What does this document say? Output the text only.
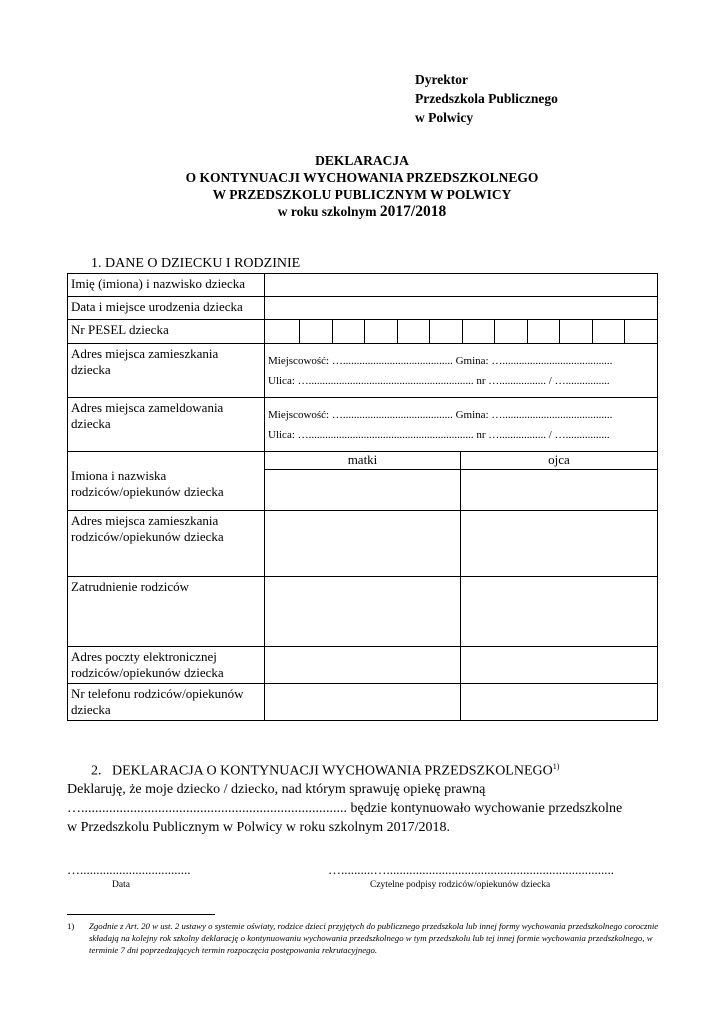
Dyrektor
Przedszkola Publicznego
w Polwicy
DEKLARACJA
O KONTYNUACJI WYCHOWANIA PRZEDSZKOLNEGO
W PRZEDSZKOLU PUBLICZNYM W POLWICY
w roku szkolnym 2017/2018
1. DANE O DZIECKU I RODZINIE
Imię (imiona) i nazwisko dziecka		
Data i miejsce urodzenia dziecka		
Nr PESEL dziecka		

Adres miejsca zamieszkania dziecka	Miejscowość: …........................................ Gmina: …........................................
Ulica: …............................................................ nr …................. / …................	

Adres miejsca zameldowania dziecka	Miejscowość: …........................................ Gmina: …........................................
Ulica: …............................................................ nr …................. / …................	

Imiona i nazwiska rodziców/opiekunów dziecka	matki	ojca

Adres miejsca zamieszkania rodziców/opiekunów dziecka		
Zatrudnienie rodziców		
Adres poczty elektronicznej rodziców/opiekunów dziecka		
Nr telefonu rodziców/opiekunów dziecka		
2.   DEKLARACJA O KONTYNUACJI WYCHOWANIA PRZEDSZKOLNEGO$^{1)}$
Deklaruję, że moje dziecko / dziecko, nad którym sprawuję opiekę prawną
…............................................................................ będzie kontynuowało wychowanie przedszkolne
w Przedszkolu Publicznym w Polwicy w roku szkolnym 2017/2018.
…..................................
Data
…..........…......................................................................
Czytelne podpisy rodziców/opiekunów dziecka
1) Zgodnie z Art. 20 w ust. 2 ustawy o systemie oświaty, rodzice dzieci przyjętych do publicznego przedszkola lub innej formy wychowania przedszkolnego corocznie składają na kolejny rok szkolny deklarację o kontynuowaniu wychowania przedszkolnego w tym przedszkolu lub tej innej formie wychowania przedszkolnego, w terminie 7 dni poprzedzających termin rozpoczęcia postępowania rekrutacyjnego.
